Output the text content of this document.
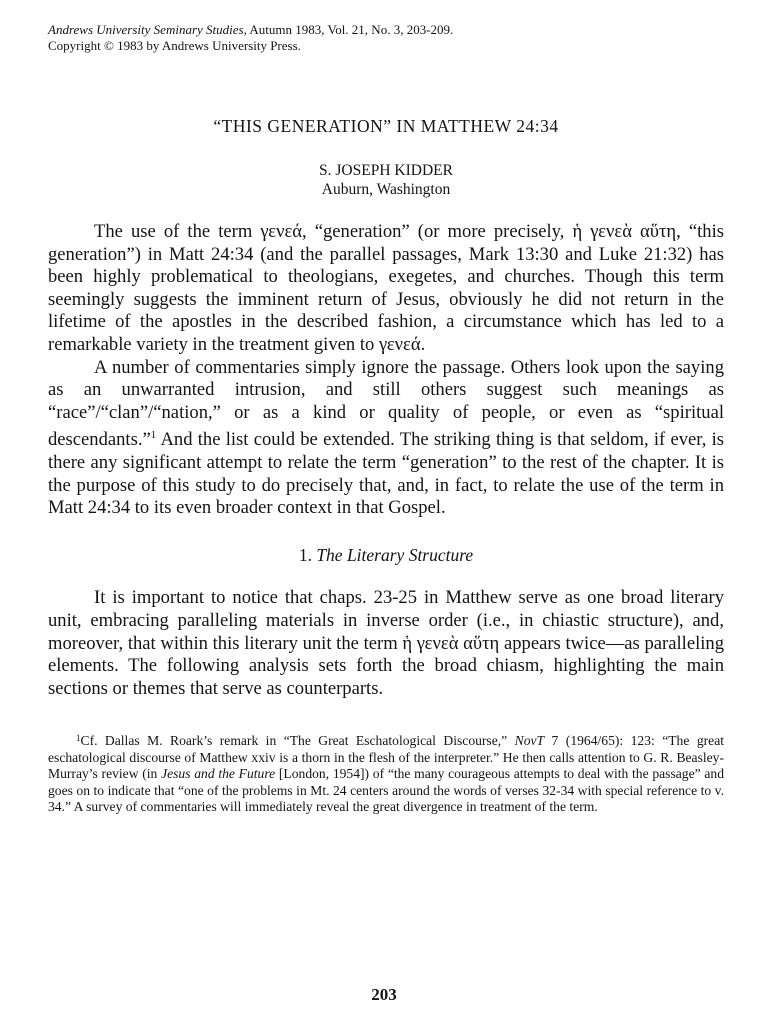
Andrews University Seminary Studies, Autumn 1983, Vol. 21, No. 3, 203-209.
Copyright © 1983 by Andrews University Press.
“THIS GENERATION” IN MATTHEW 24:34
S. JOSEPH KIDDER
Auburn, Washington

The use of the term γενεά, “generation” (or more precisely, ἡ γενεὰ αὕτη, “this generation”) in Matt 24:34 (and the parallel passages, Mark 13:30 and Luke 21:32) has been highly problematical to theologians, exegetes, and churches. Though this term seemingly suggests the imminent return of Jesus, obviously he did not return in the lifetime of the apostles in the described fashion, a circumstance which has led to a remarkable variety in the treatment given to γενεά.

A number of commentaries simply ignore the passage. Others look upon the saying as an unwarranted intrusion, and still others suggest such meanings as “race”/“clan”/“nation,” or as a kind or quality of people, or even as “spiritual descendants.”$^1$ And the list could be extended. The striking thing is that seldom, if ever, is there any significant attempt to relate the term “generation” to the rest of the chapter. It is the purpose of this study to do precisely that, and, in fact, to relate the use of the term in Matt 24:34 to its even broader context in that Gospel.

1. The Literary Structure

It is important to notice that chaps. 23-25 in Matthew serve as one broad literary unit, embracing paralleling materials in inverse order (i.e., in chiastic structure), and, moreover, that within this literary unit the term ἡ γενεὰ αὕτη appears twice—as paralleling elements. The following analysis sets forth the broad chiasm, highlighting the main sections or themes that serve as counterparts.

$^1$Cf. Dallas M. Roark’s remark in “The Great Eschatological Discourse,” NovT 7 (1964/65): 123: “The great eschatological discourse of Matthew xxiv is a thorn in the flesh of the interpreter.” He then calls attention to G. R. Beasley-Murray’s review (in Jesus and the Future [London, 1954]) of “the many courageous attempts to deal with the passage” and goes on to indicate that “one of the problems in Mt. 24 centers around the words of verses 32-34 with special reference to v. 34.” A survey of commentaries will immediately reveal the great divergence in treatment of the term.
203
